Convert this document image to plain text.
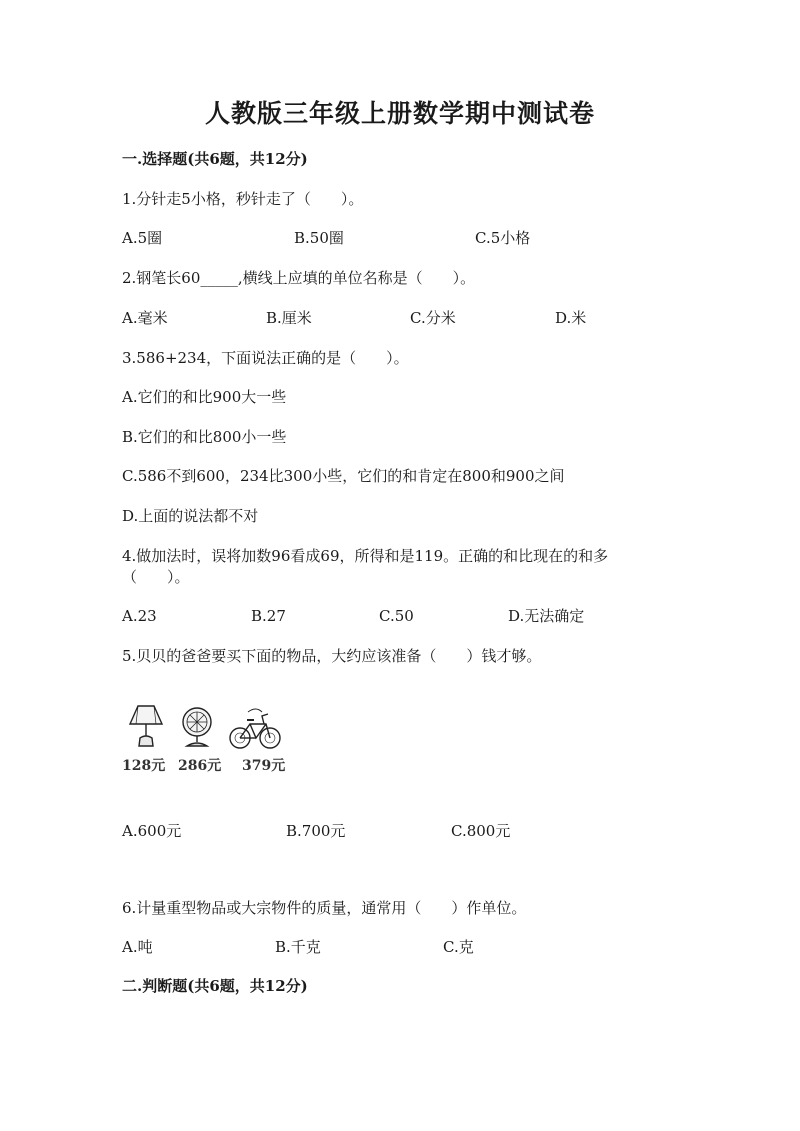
人教版三年级上册数学期中测试卷
一.选择题(共6题，共12分)
1.分针走5小格，秒针走了（　　）。
A.5圈	B.50圈	C.5小格
2.钢笔长60_____,横线上应填的单位名称是（　　）。
A.毫米	B.厘米	C.分米	D.米
3.586+234，下面说法正确的是（　　）。
A.它们的和比900大一些
B.它们的和比800小一些
C.586不到600，234比300小些，它们的和肯定在800和900之间
D.上面的说法都不对
4.做加法时，误将加数96看成69，所得和是119。正确的和比现在的和多
（　　）。
A.23	B.27	C.50	D.无法确定
5.贝贝的爸爸要买下面的物品，大约应该准备（　　）钱才够。
128元 286元 379元
A.600元	B.700元	C.800元
6.计量重型物品或大宗物件的质量，通常用（　　）作单位。
A.吨	B.千克	C.克
二.判断题(共6题，共12分)
